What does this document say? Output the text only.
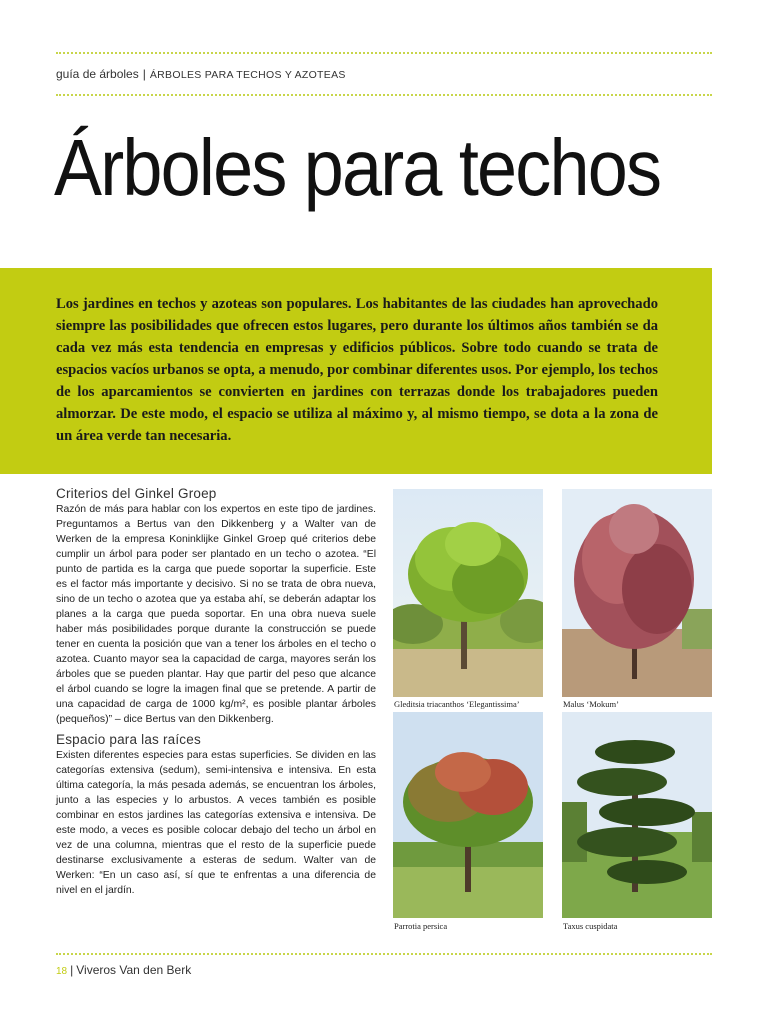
guía de árboles | ÁRBOLES PARA TECHOS Y AZOTEAS
Árboles para techos
Los jardines en techos y azoteas son populares. Los habitantes de las ciudades han aprovechado siempre las posibilidades que ofrecen estos lugares, pero durante los últimos años también se da cada vez más esta tendencia en empresas y edificios públicos. Sobre todo cuando se trata de espacios vacíos urbanos se opta, a menudo, por combinar diferentes usos. Por ejemplo, los techos de los aparcamientos se convierten en jardines con terrazas donde los trabajadores pueden almorzar. De este modo, el espacio se utiliza al máximo y, al mismo tiempo, se dota a la zona de un área verde tan necesaria.
Criterios del Ginkel Groep

Razón de más para hablar con los expertos en este tipo de jardines. Preguntamos a Bertus van den Dikkenberg y a Walter van de Werken de la empresa Koninklijke Ginkel Groep qué criterios debe cumplir un árbol para poder ser plantado en un techo o azotea. “El punto de partida es la carga que puede soportar la superficie. Este es el factor más importante y decisivo. Si no se trata de obra nueva, sino de un techo o azotea que ya estaba ahí, se deberán adaptar los planes a la carga que pueda soportar. En una obra nueva suele haber más posibilidades porque durante la construcción se puede tener en cuenta la posición que van a tener los árboles en el techo o azotea. Cuanto mayor sea la capacidad de carga, mayores serán los árboles que se pueden plantar. Hay que partir del peso que alcance el árbol cuando se logre la imagen final que se pretende. A partir de una capacidad de carga de 1000 kg/m², es posible plantar árboles (pequeños)” – dice Bertus van den Dikkenberg.

Espacio para las raíces

Existen diferentes especies para estas superficies. Se dividen en las categorías extensiva (sedum), semi-intensiva e intensiva. En esta última categoría, la más pesada además, se encuentran los árboles, junto a las especies y lo arbustos. A veces también es posible combinar en estos jardines las categorías extensiva e intensiva. De este modo, a veces es posible colocar debajo del techo un árbol en vez de una columna, mientras que el resto de la superficie puede destinarse exclusivamente a esteras de sedum. Walter van de Werken: “En un caso así, sí que te enfrentas a una diferencia de nivel en el jardín.

Gleditsia triacanthos ‘Elegantissima’	Malus ‘Mokum’
Parrotia persica	Taxus cuspidata
18 | Viveros Van den Berk
